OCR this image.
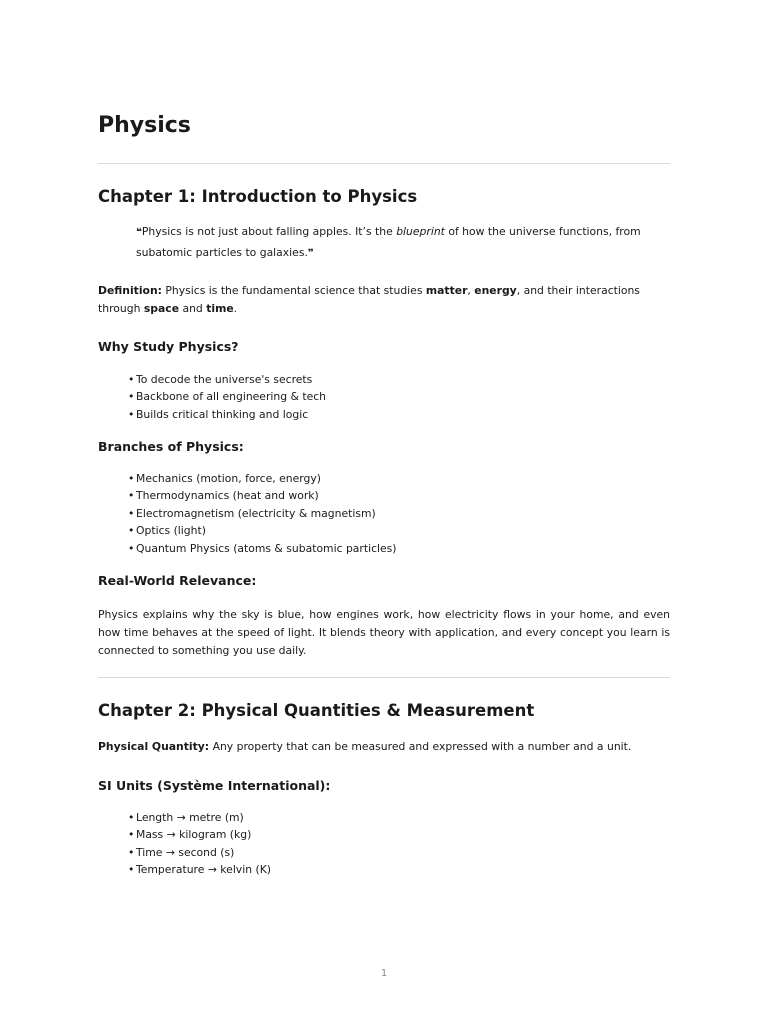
Physics
Chapter 1: Introduction to Physics

❝Physics is not just about falling apples. It’s the blueprint of how the universe functions, from subatomic particles to galaxies.❞

Definition: Physics is the fundamental science that studies matter, energy, and their interactions through space and time.

Why Study Physics?
• To decode the universe's secrets
• Backbone of all engineering & tech
• Builds critical thinking and logic
Branches of Physics:
• Mechanics (motion, force, energy)
• Thermodynamics (heat and work)
• Electromagnetism (electricity & magnetism)
• Optics (light)
• Quantum Physics (atoms & subatomic particles)
Real-World Relevance:

Physics explains why the sky is blue, how engines work, how electricity flows in your home, and even how time behaves at the speed of light. It blends theory with application, and every concept you learn is connected to something you use daily.

Chapter 2: Physical Quantities & Measurement

Physical Quantity: Any property that can be measured and expressed with a number and a unit.

SI Units (Système International):
• Length → metre (m)
• Mass → kilogram (kg)
• Time → second (s)
• Temperature → kelvin (K)
1
